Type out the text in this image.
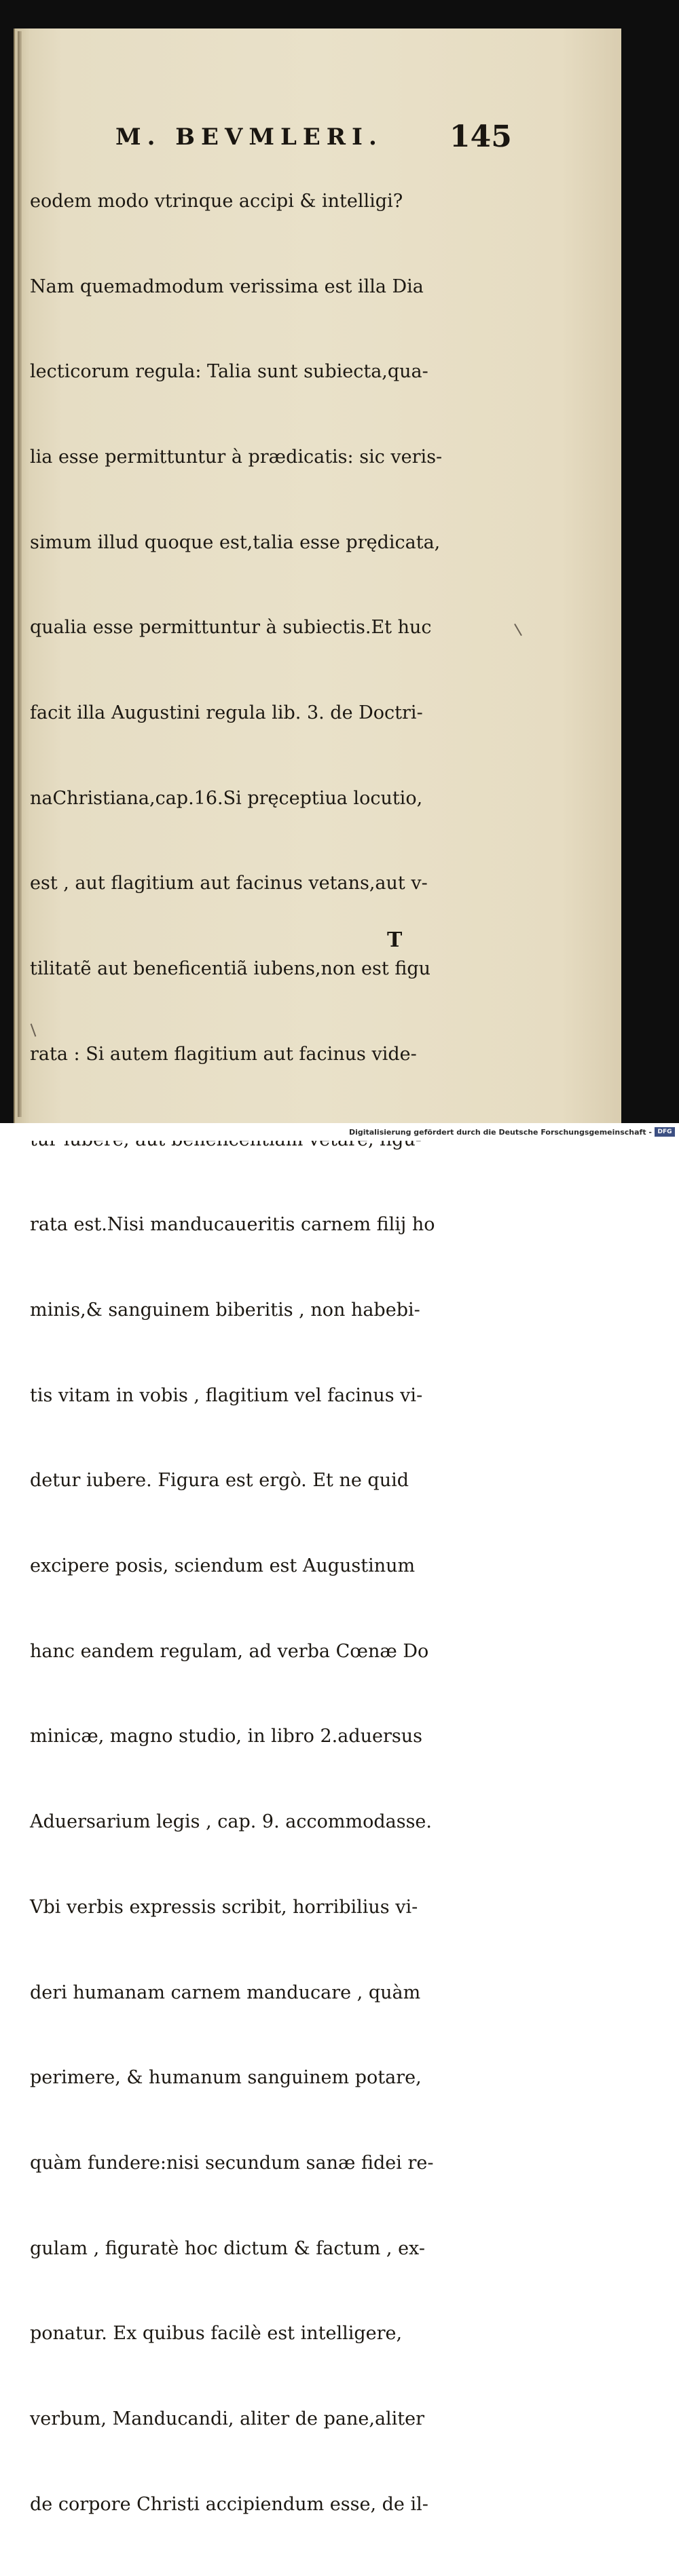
M. BEVMLERI. 145

eodem modo vtrinque accipi & intelligi?

Nam quemadmodum verissima est illa Dia

lecticorum regula: Talia sunt subiecta,qua-

lia esse permittuntur à prædicatis: sic veris-

simum illud quoque est,talia esse prędicata,

qualia esse permittuntur à subiectis.Et huc

facit illa Augustini regula lib. 3. de Doctri-

naChristiana,cap.16.Si pręceptiua locutio,

est , aut flagitium aut facinus vetans,aut v-

tilitatẽ aut beneficentiã iubens,non est figu

rata : Si autem flagitium aut facinus vide-

rata est.Nisi manducaueritis carnem filij ho

minis,& sanguinem biberitis , non habebi-

tis vitam in vobis , flagitium vel facinus vi-

detur iubere. Figura est ergò. Et ne quid

excipere posis, sciendum est Augustinum

hanc eandem regulam, ad verba Cœnæ Do

minicæ, magno studio, in libro 2.aduersus

Aduersarium legis , cap. 9. accommodasse.

Vbi verbis expressis scribit, horribilius vi-

deri humanam carnem manducare , quàm

perimere, & humanum sanguinem potare,

quàm fundere:nisi secundum sanæ fidei re-

gulam , figuratè hoc dictum & factum , ex-

ponatur. Ex quibus facilè est intelligere,

verbum, Manducandi, aliter de pane,aliter

de corpore Christi accipiendum esse, de il-

T
Digitalisierung gefördert durch die Deutsche Forschungsgemeinschaft - DFG
